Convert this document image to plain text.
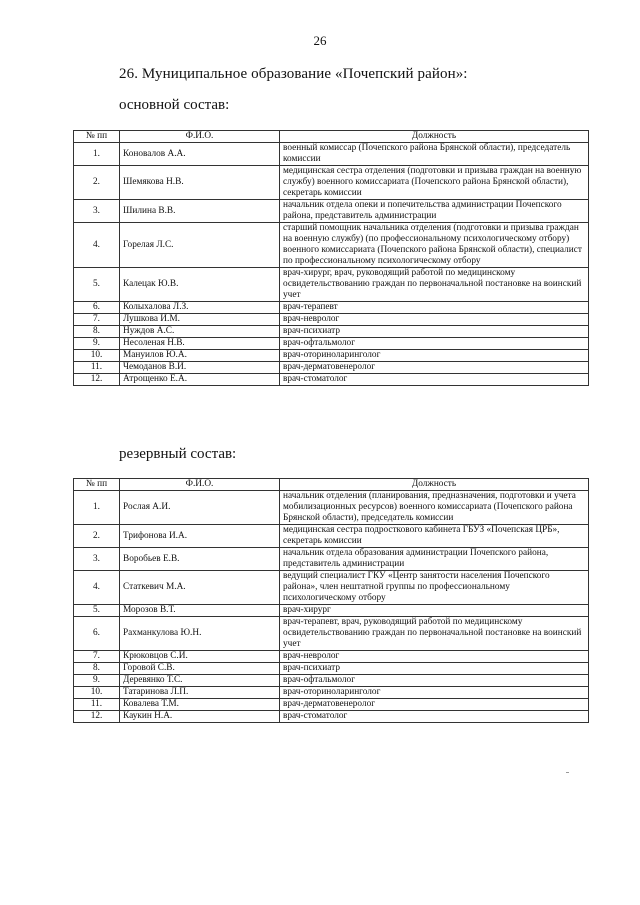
26
26. Муниципальное образование «Почепский район»:
основной состав:
№ пп	Ф.И.О.	Должность
1.	Коновалов А.А.	военный комиссар (Почепского района Брянской области), председатель комиссии
2.	Шемякова Н.В.	медицинская сестра отделения (подготовки и призыва граждан на военную службу) военного комиссариата (Почепского района Брянской области), секретарь комиссии
3.	Шилина В.В.	начальник отдела опеки и попечительства администрации Почепского района, представитель администрации
4.	Горелая Л.С.	старший помощник начальника отделения (подготовки и призыва граждан на военную службу) (по профессиональному психологическому отбору) военного комиссариата (Почепского района Брянской области), специалист по профессиональному психологическому отбору
5.	Калецак Ю.В.	врач-хирург, врач, руководящий работой по медицинскому освидетельствованию граждан по первоначальной постановке на воинский учет
6.	Колыхалова Л.З.	врач-терапевт
7.	Лушкова И.М.	врач-невролог
8.	Нуждов А.С.	врач-психиатр
9.	Несоленая Н.В.	врач-офтальмолог
10.	Мануилов Ю.А.	врач-оториноларинголог
11.	Чемоданов В.И.	врач-дерматовенеролог
12.	Атрощенко Е.А.	врач-стоматолог
резервный состав:
№ пп	Ф.И.О.	Должность
1.	Рослая А.И.	начальник отделения (планирования, предназначения, подготовки и учета мобилизационных ресурсов) военного комиссариата (Почепского района Брянской области), председатель комиссии
2.	Трифонова И.А.	медицинская сестра подросткового кабинета ГБУЗ «Почепская ЦРБ», секретарь комиссии
3.	Воробьев Е.В.	начальник отдела образования администрации Почепского района, представитель администрации
4.	Статкевич М.А.	ведущий специалист ГКУ «Центр занятости населения Почепского района», член нештатной группы по профессиональному психологическому отбору
5.	Морозов В.Т.	врач-хирург
6.	Рахманкулова Ю.Н.	врач-терапевт, врач, руководящий работой по медицинскому освидетельствованию граждан по первоначальной постановке на воинский учет
7.	Крюковцов С.И.	врач-невролог
8.	Горовой С.В.	врач-психиатр
9.	Деревянко Т.С.	врач-офтальмолог
10.	Татаринова Л.П.	врач-оториноларинголог
11.	Ковалева Т.М.	врач-дерматовенеролог
12.	Каукин Н.А.	врач-стоматолог
